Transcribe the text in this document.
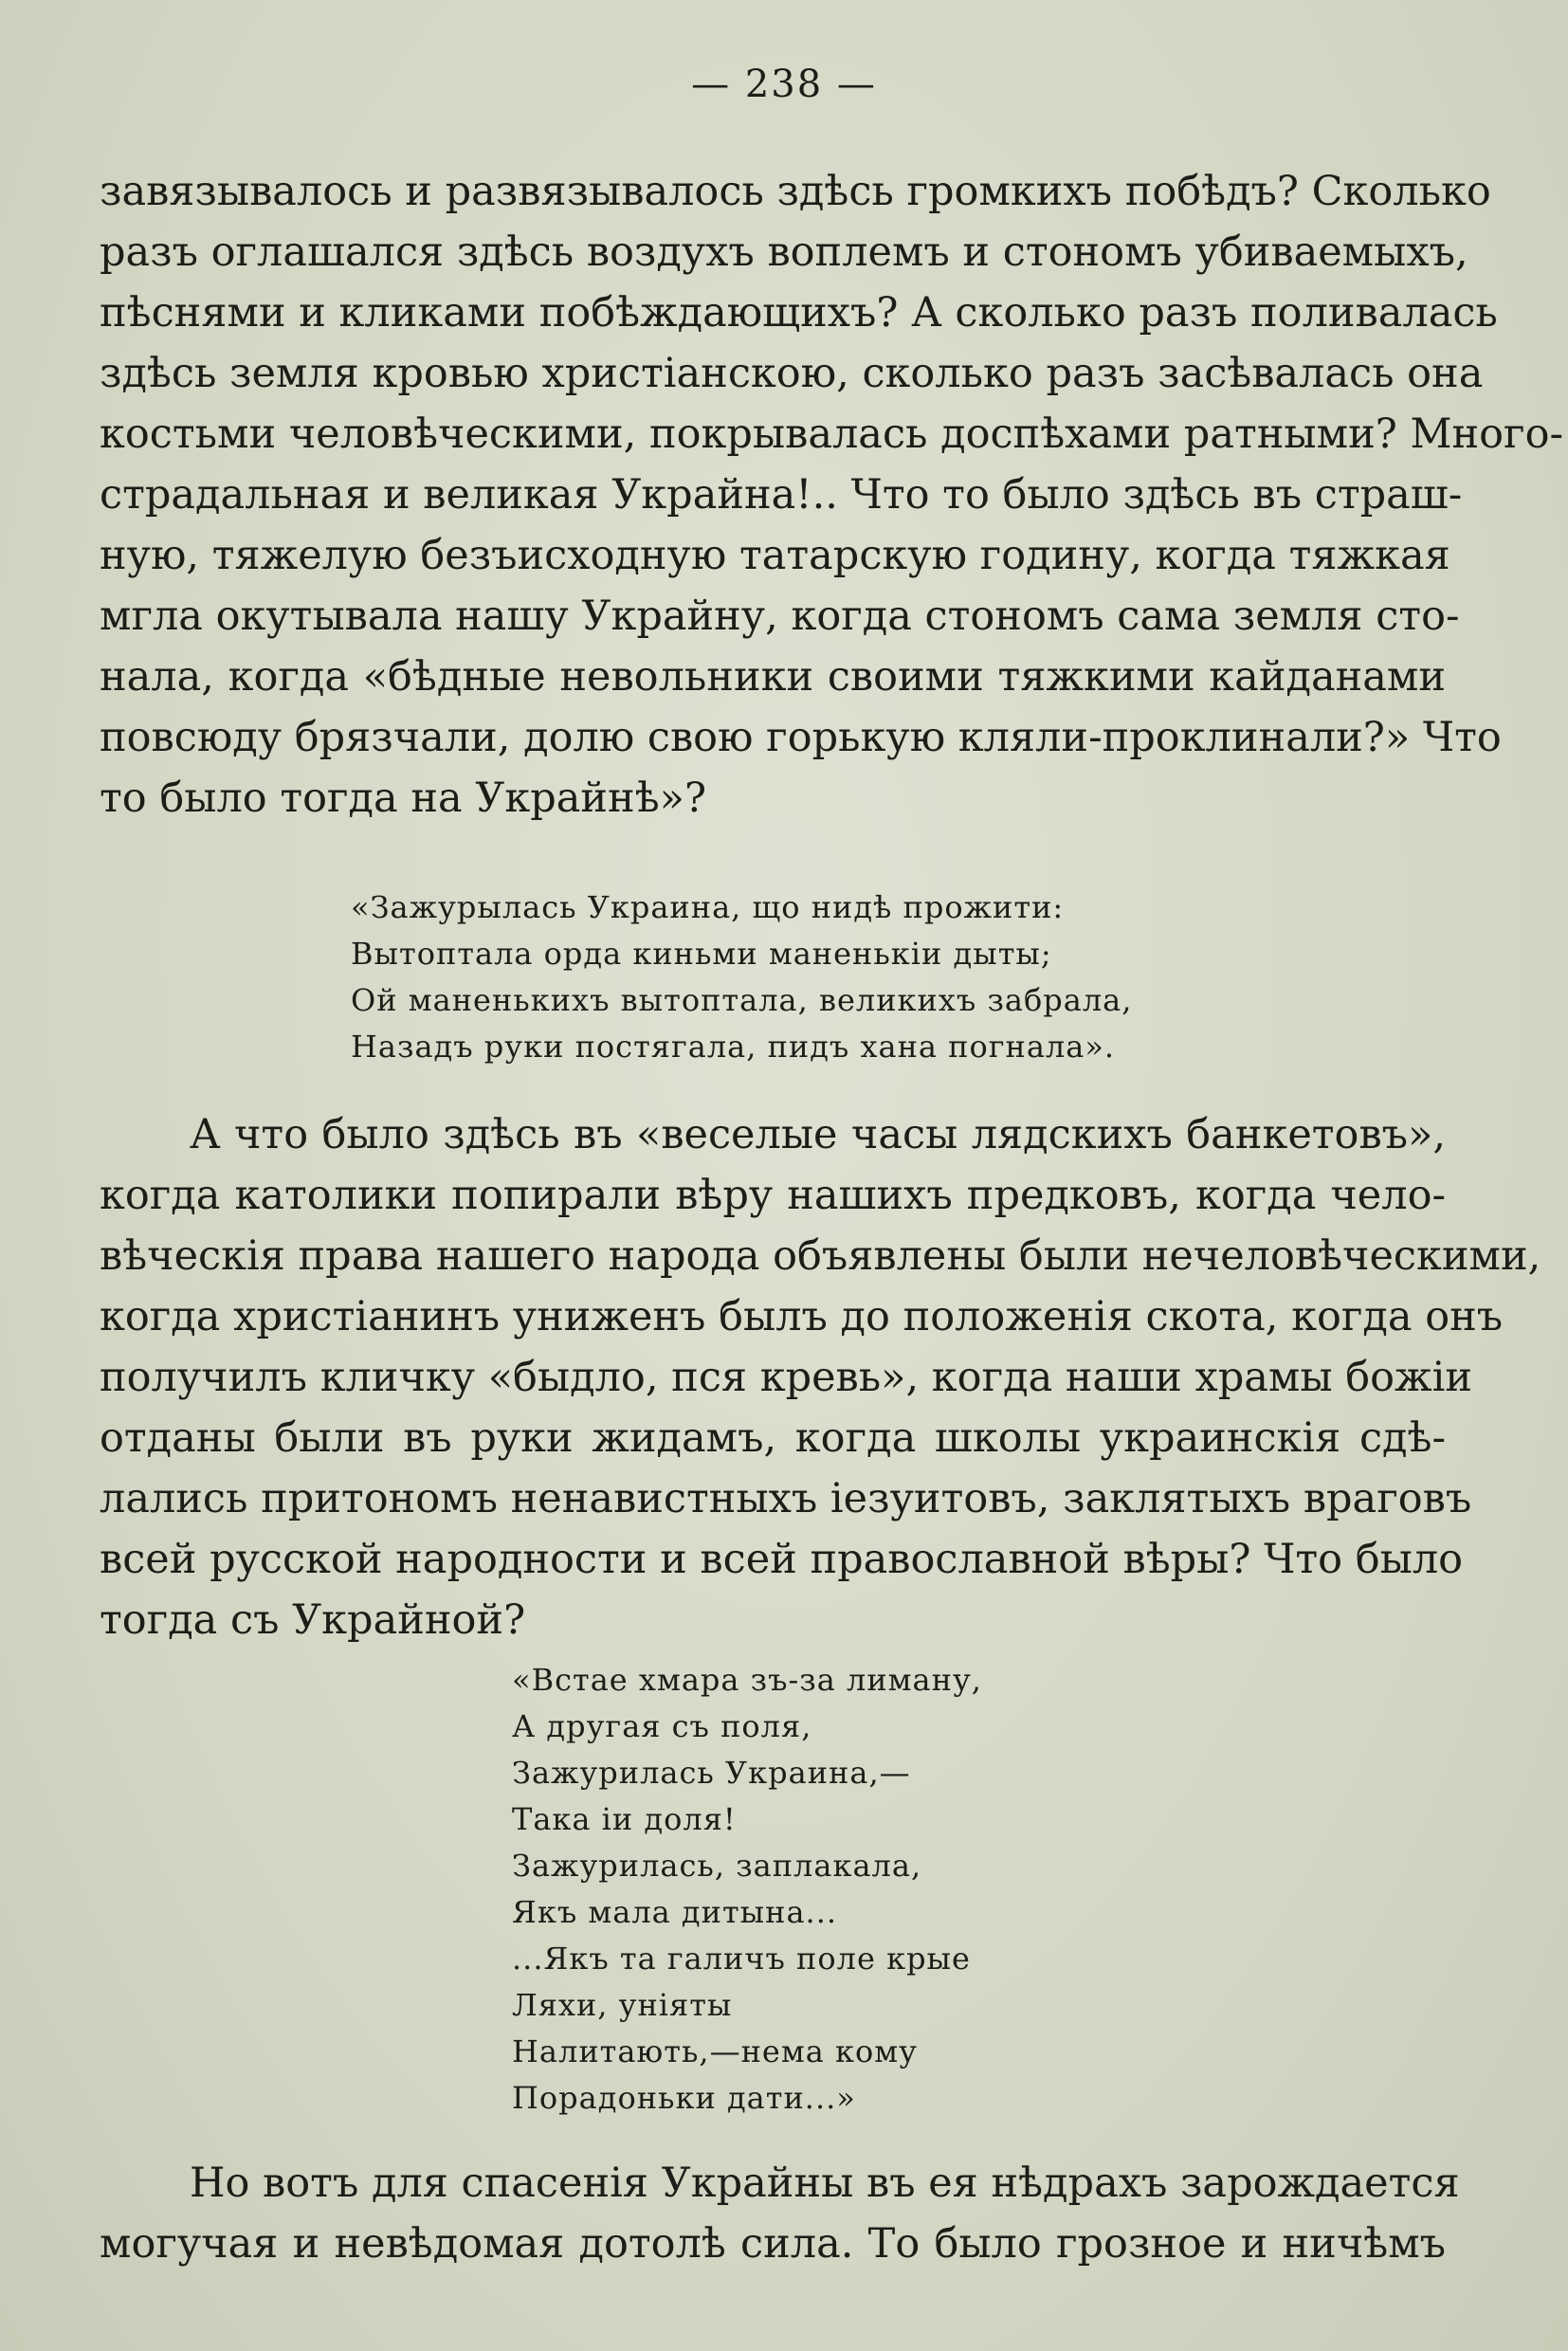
— 238 —
завязывалось и развязывалось здѣсь громкихъ побѣдъ? Сколько
разъ оглашался здѣсь воздухъ воплемъ и стономъ убиваемыхъ,
пѣснями и кликами побѣждающихъ? А сколько разъ поливалась
здѣсь земля кровью христіанскою, сколько разъ засѣвалась она
костьми человѣческими, покрывалась доспѣхами ратными? Много-
страдальная и великая Украйна!.. Что то было здѣсь въ страш-
ную, тяжелую безъисходную татарскую годину, когда тяжкая
мгла окутывала нашу Украйну, когда стономъ сама земля сто-
нала, когда «бѣдные невольники своими тяжкими кайданами
повсюду брязчали, долю свою горькую кляли-проклинали?» Что
то было тогда на Украйнѣ»?
«Зажурылась Украина, що нидѣ прожити:
Вытоптала орда киньми маненькіи дыты;
Ой маненькихъ вытоптала, великихъ забрала,
Назадъ руки постягала, пидъ хана погнала».
А что было здѣсь въ «веселые часы лядскихъ банкетовъ»,
когда католики попирали вѣру нашихъ предковъ, когда чело-
вѣческія права нашего народа объявлены были нечеловѣческими,
когда христіанинъ униженъ былъ до положенія скота, когда онъ
получилъ кличку «быдло, пся кревь», когда наши храмы божіи
отданы были въ руки жидамъ, когда школы украинскія сдѣ-
лались притономъ ненавистныхъ іезуитовъ, заклятыхъ враговъ
всей русской народности и всей православной вѣры? Что было
тогда съ Украйной?
«Встае хмара зъ-за лиману,
А другая съ поля,
Зажурилась Украина,—
Така іи доля!
Зажурилась, заплакала,
Якъ мала дитына...
...Якъ та галичъ поле крые
Ляхи, уніяты
Налитають,—нема кому
Порадоньки дати...»
Но вотъ для спасенія Украйны въ ея нѣдрахъ зарождается
могучая и невѣдомая дотолѣ сила. То было грозное и ничѣмъ
